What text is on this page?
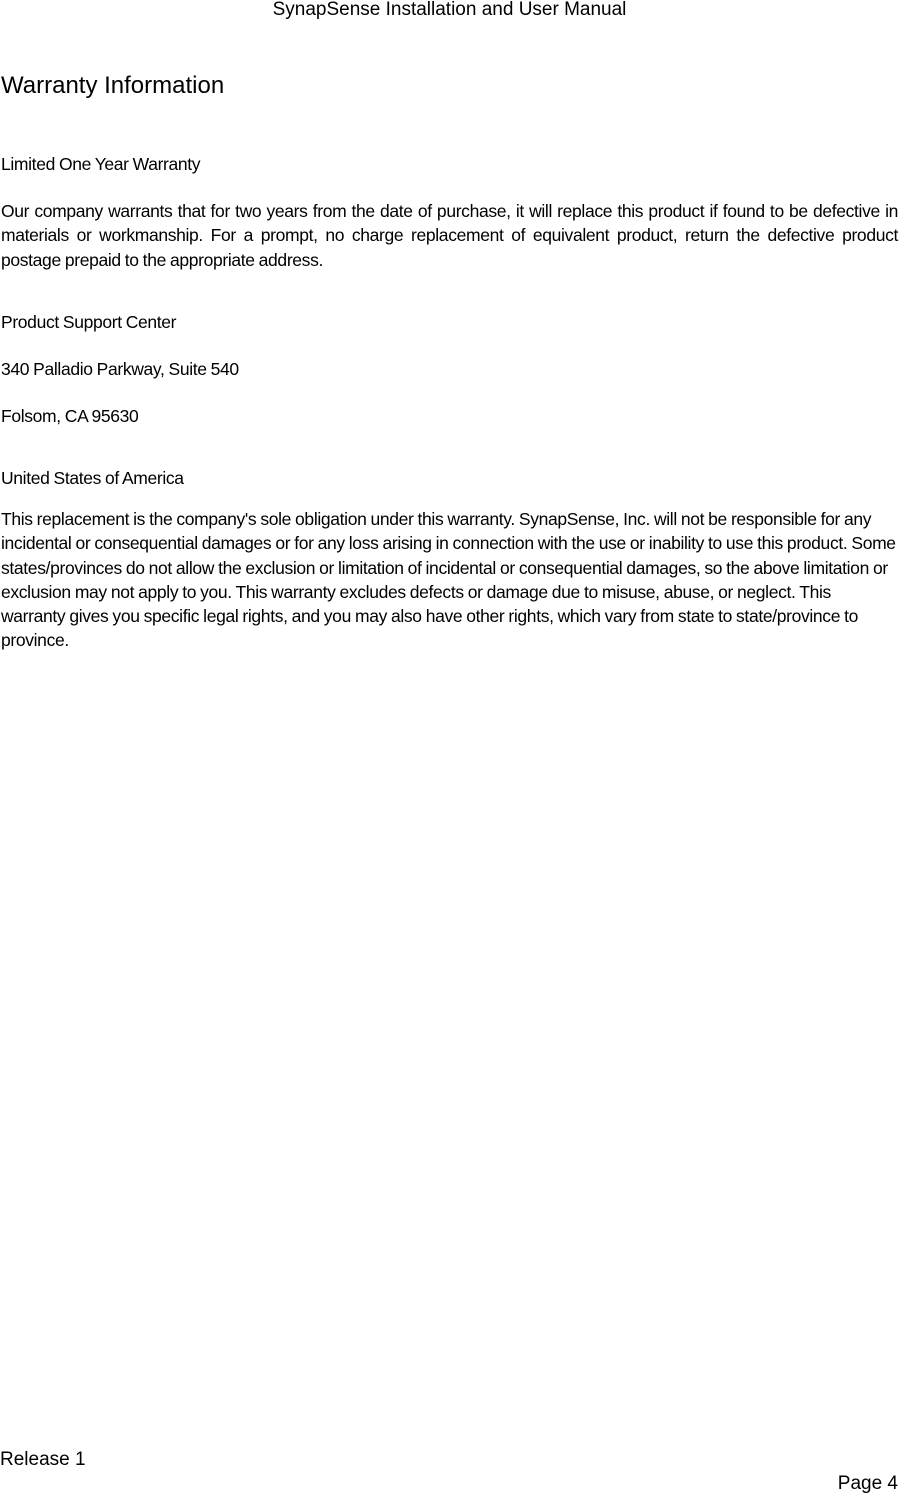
SynapSense Installation and User Manual
Warranty Information

Limited One Year Warranty

Our company warrants that for two years from the date of purchase, it will replace this product if found to be defective in materials or workmanship. For a prompt, no charge replacement of equivalent product, return the defective product postage prepaid to the appropriate address.

Product Support Center

340 Palladio Parkway, Suite 540

Folsom, CA 95630

United States of America

This replacement is the company's sole obligation under this warranty. SynapSense, Inc. will not be responsible for any incidental or consequential damages or for any loss arising in connection with the use or inability to use this product. Some states/provinces do not allow the exclusion or limitation of incidental or consequential damages, so the above limitation or exclusion may not apply to you. This warranty excludes defects or damage due to misuse, abuse, or neglect. This warranty gives you specific legal rights, and you may also have other rights, which vary from state to state/province to province.

Release 1
Page 4
